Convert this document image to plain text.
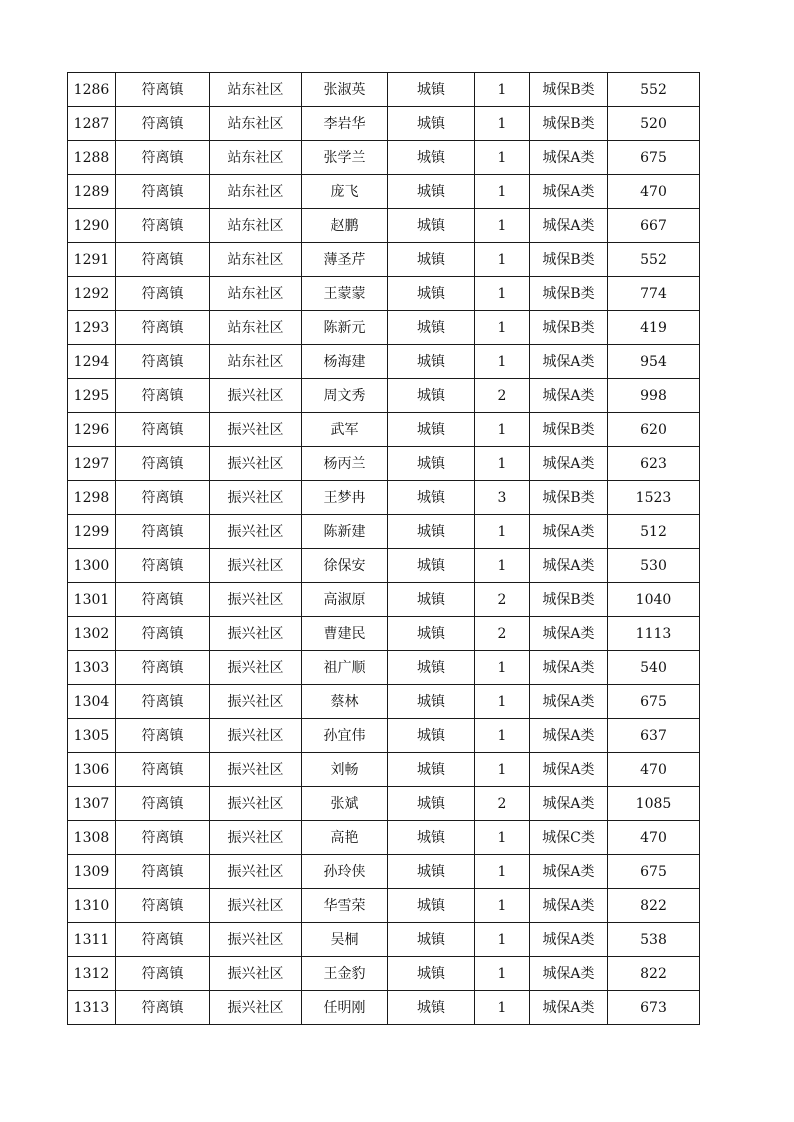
1286	符离镇	站东社区	张淑英	城镇	1	城保B类	552
1287	符离镇	站东社区	李岩华	城镇	1	城保B类	520
1288	符离镇	站东社区	张学兰	城镇	1	城保A类	675
1289	符离镇	站东社区	庞飞	城镇	1	城保A类	470
1290	符离镇	站东社区	赵鹏	城镇	1	城保A类	667
1291	符离镇	站东社区	薄圣芹	城镇	1	城保B类	552
1292	符离镇	站东社区	王蒙蒙	城镇	1	城保B类	774
1293	符离镇	站东社区	陈新元	城镇	1	城保B类	419
1294	符离镇	站东社区	杨海建	城镇	1	城保A类	954
1295	符离镇	振兴社区	周文秀	城镇	2	城保A类	998
1296	符离镇	振兴社区	武军	城镇	1	城保B类	620
1297	符离镇	振兴社区	杨丙兰	城镇	1	城保A类	623
1298	符离镇	振兴社区	王梦冉	城镇	3	城保B类	1523
1299	符离镇	振兴社区	陈新建	城镇	1	城保A类	512
1300	符离镇	振兴社区	徐保安	城镇	1	城保A类	530
1301	符离镇	振兴社区	高淑原	城镇	2	城保B类	1040
1302	符离镇	振兴社区	曹建民	城镇	2	城保A类	1113
1303	符离镇	振兴社区	祖广顺	城镇	1	城保A类	540
1304	符离镇	振兴社区	蔡林	城镇	1	城保A类	675
1305	符离镇	振兴社区	孙宜伟	城镇	1	城保A类	637
1306	符离镇	振兴社区	刘畅	城镇	1	城保A类	470
1307	符离镇	振兴社区	张斌	城镇	2	城保A类	1085
1308	符离镇	振兴社区	高艳	城镇	1	城保C类	470
1309	符离镇	振兴社区	孙玲侠	城镇	1	城保A类	675
1310	符离镇	振兴社区	华雪荣	城镇	1	城保A类	822
1311	符离镇	振兴社区	吴桐	城镇	1	城保A类	538
1312	符离镇	振兴社区	王金豹	城镇	1	城保A类	822
1313	符离镇	振兴社区	任明刚	城镇	1	城保A类	673
